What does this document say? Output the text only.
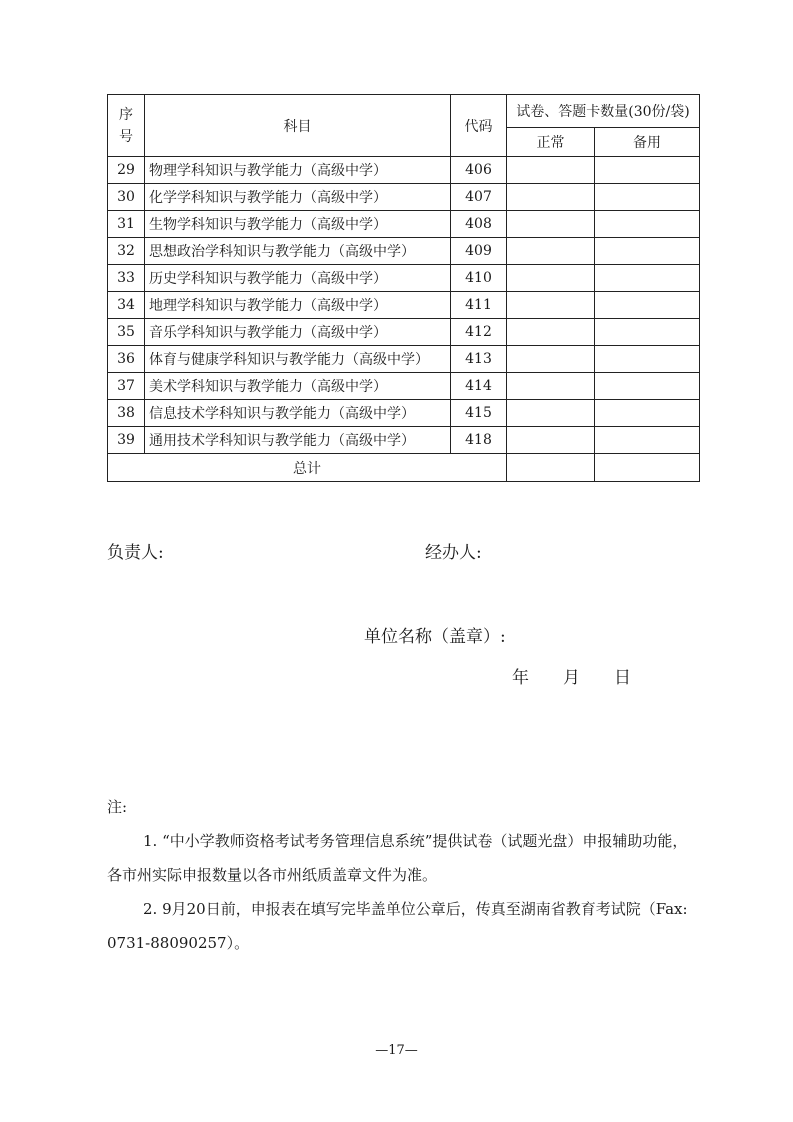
序号	科目	代码	试卷、答题卡数量(30份/袋)	
			正常	备用
29	物理学科知识与教学能力（高级中学）	406		
30	化学学科知识与教学能力（高级中学）	407		
31	生物学科知识与教学能力（高级中学）	408		
32	思想政治学科知识与教学能力（高级中学）	409		
33	历史学科知识与教学能力（高级中学）	410		
34	地理学科知识与教学能力（高级中学）	411		
35	音乐学科知识与教学能力（高级中学）	412		
36	体育与健康学科知识与教学能力（高级中学）	413		
37	美术学科知识与教学能力（高级中学）	414		
38	信息技术学科知识与教学能力（高级中学）	415		
39	通用技术学科知识与教学能力（高级中学）	418		
总计				
负责人:	经办人:
单位名称（盖章）:
年　　月　　日

注:

1. “中小学教师资格考试考务管理信息系统”提供试卷（试题光盘）申报辅助功能，

各市州实际申报数量以各市州纸质盖章文件为准。

2. 9月20日前，申报表在填写完毕盖单位公章后，传真至湖南省教育考试院（Fax:

0731-88090257）。

—17—
